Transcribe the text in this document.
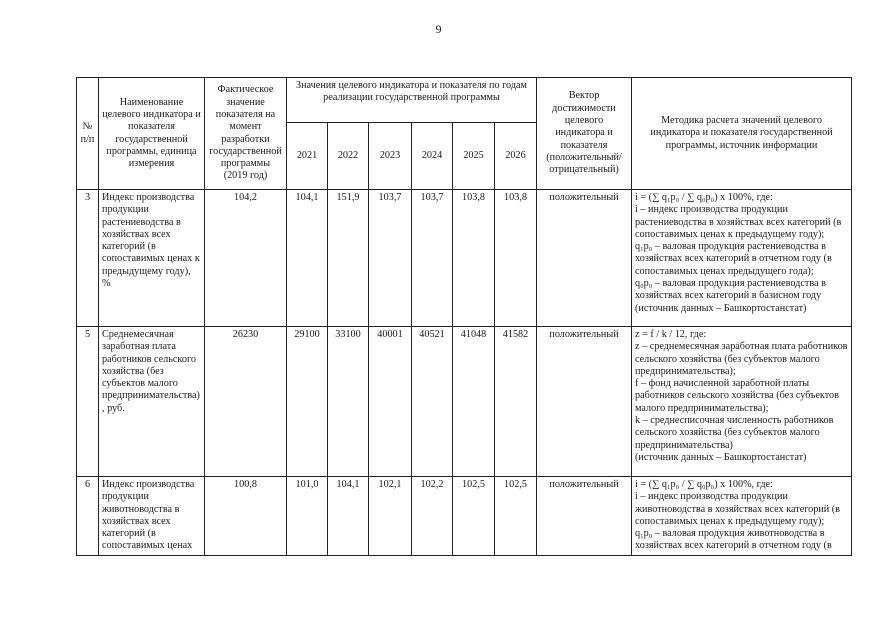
9
№ п/п	Наименование целевого индикатора и показателя государственной программы, единица измерения	Фактическое значение показателя на момент разработки государственной программы (2019 год)	Значения целевого индикатора и показателя по годам реализации государственной программы						Вектор достижимости целевого индикатора и показателя (положительный/ отрицательный)	Методика расчета значений целевого индикатора и показателя государственной программы, источник информации
			2021	2022	2023	2024	2025	2026		
3	Индекс производства продукции растениеводства в хозяйствах всех категорий (в сопоставимых ценах к предыдущему году), %	104,2	104,1	151,9	103,7	103,7	103,8	103,8	положительный	i = (∑ q₁p₀ / ∑ q₀p₀) x 100%, где:
i – индекс производства продукции растениеводства в хозяйствах всех категорий (в сопоставимых ценах к предыдущему году);
q₁p₀ – валовая продукция растениеводства в хозяйствах всех категорий в отчетном году (в сопоставимых ценах предыдущего года);
q₀p₀ – валовая продукция растениеводства в хозяйствах всех категорий в базисном году (источник данных – Башкортостанстат)

5	Среднемесячная заработная плата работников сельского хозяйства (без субъектов малого предпринимательства), руб.	26230	29100	33100	40001	40521	41048	41582	положительный	z = f / k / 12, где:
z – среднемесячная заработная плата работников сельского хозяйства (без субъектов малого предпринимательства);
f – фонд начисленной заработной платы работников сельского хозяйства (без субъектов малого предпринимательства);
k – среднесписочная численность работников сельского хозяйства (без субъектов малого предпринимательства)
(источник данных – Башкортостанстат)

6	Индекс производства продукции животноводства в хозяйствах всех категорий (в сопоставимых ценах	100,8	101,0	104,1	102,1	102,2	102,5	102,5	положительный	i = (∑ q₁p₀ / ∑ q₀p₀) x 100%, где:
i – индекс производства продукции животноводства в хозяйствах всех категорий (в сопоставимых ценах к предыдущему году);
q₁p₀ – валовая продукция животноводства в хозяйствах всех категорий в отчетном году (в
